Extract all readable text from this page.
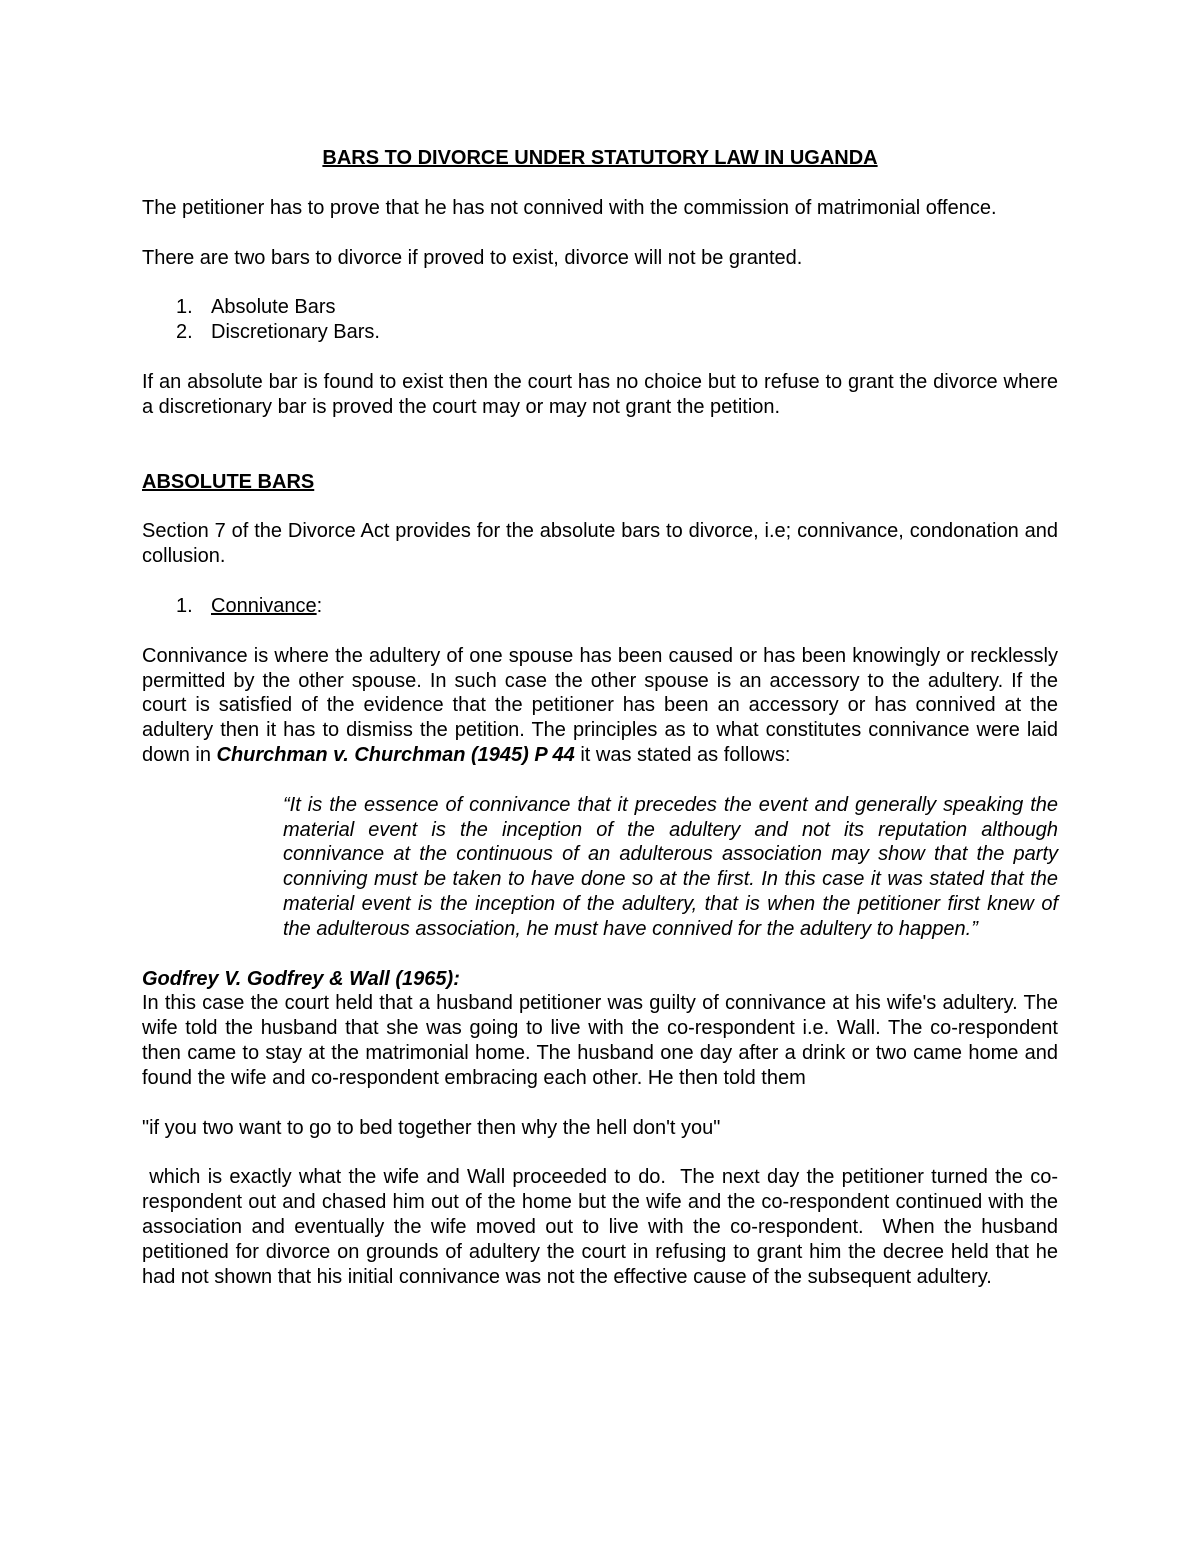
BARS TO DIVORCE UNDER STATUTORY LAW IN UGANDA

The petitioner has to prove that he has not connived with the commission of matrimonial offence.

There are two bars to divorce if proved to exist, divorce will not be granted.

1. Absolute Bars
2. Discretionary Bars.

If an absolute bar is found to exist then the court has no choice but to refuse to grant the divorce where a discretionary bar is proved the court may or may not grant the petition.

ABSOLUTE BARS

Section 7 of the Divorce Act provides for the absolute bars to divorce, i.e; connivance, condonation and collusion.

1. Connivance:

Connivance is where the adultery of one spouse has been caused or has been knowingly or recklessly permitted by the other spouse. In such case the other spouse is an accessory to the adultery. If the court is satisfied of the evidence that the petitioner has been an accessory or has connived at the adultery then it has to dismiss the petition. The principles as to what constitutes connivance were laid down in Churchman v. Churchman (1945) P 44 it was stated as follows:

“It is the essence of connivance that it precedes the event and generally speaking the material event is the inception of the adultery and not its reputation although connivance at the continuous of an adulterous association may show that the party conniving must be taken to have done so at the first. In this case it was stated that the material event is the inception of the adultery, that is when the petitioner first knew of the adulterous association, he must have connived for the adultery to happen.”

Godfrey V. Godfrey & Wall (1965):

In this case the court held that a husband petitioner was guilty of connivance at his wife's adultery. The wife told the husband that she was going to live with the co-respondent i.e. Wall. The co-respondent then came to stay at the matrimonial home. The husband one day after a drink or two came home and found the wife and co-respondent embracing each other. He then told them

"if you two want to go to bed together then why the hell don't you"

which is exactly what the wife and Wall proceeded to do.  The next day the petitioner turned the co-respondent out and chased him out of the home but the wife and the co-respondent continued with the association and eventually the wife moved out to live with the co-respondent.  When the husband petitioned for divorce on grounds of adultery the court in refusing to grant him the decree held that he had not shown that his initial connivance was not the effective cause of the subsequent adultery.
